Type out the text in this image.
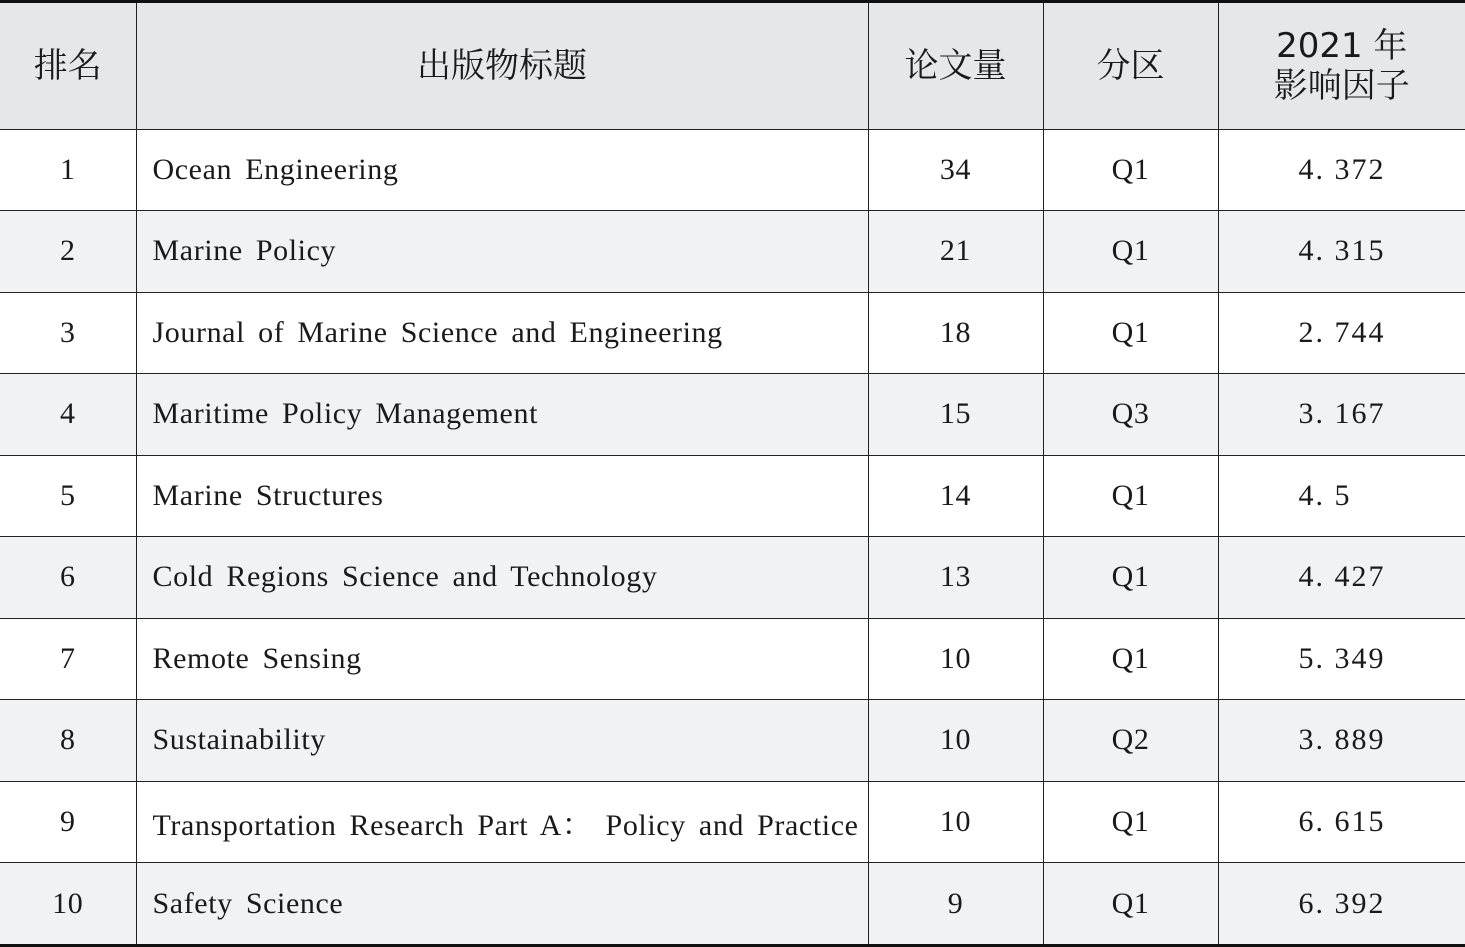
排名	出版物标题	论文量	分区	2021 年
影响因子

1	Ocean Engineering	34	Q1	4. 372
2	Marine Policy	21	Q1	4. 315
3	Journal of Marine Science and Engineering	18	Q1	2. 744
4	Maritime Policy Management	15	Q3	3. 167
5	Marine Structures	14	Q1	4. 5
6	Cold Regions Science and Technology	13	Q1	4. 427
7	Remote Sensing	10	Q1	5. 349
8	Sustainability	10	Q2	3. 889
9	Transportation Research Part A： Policy and Practice	10	Q1	6. 615
10	Safety Science	9	Q1	6. 392
